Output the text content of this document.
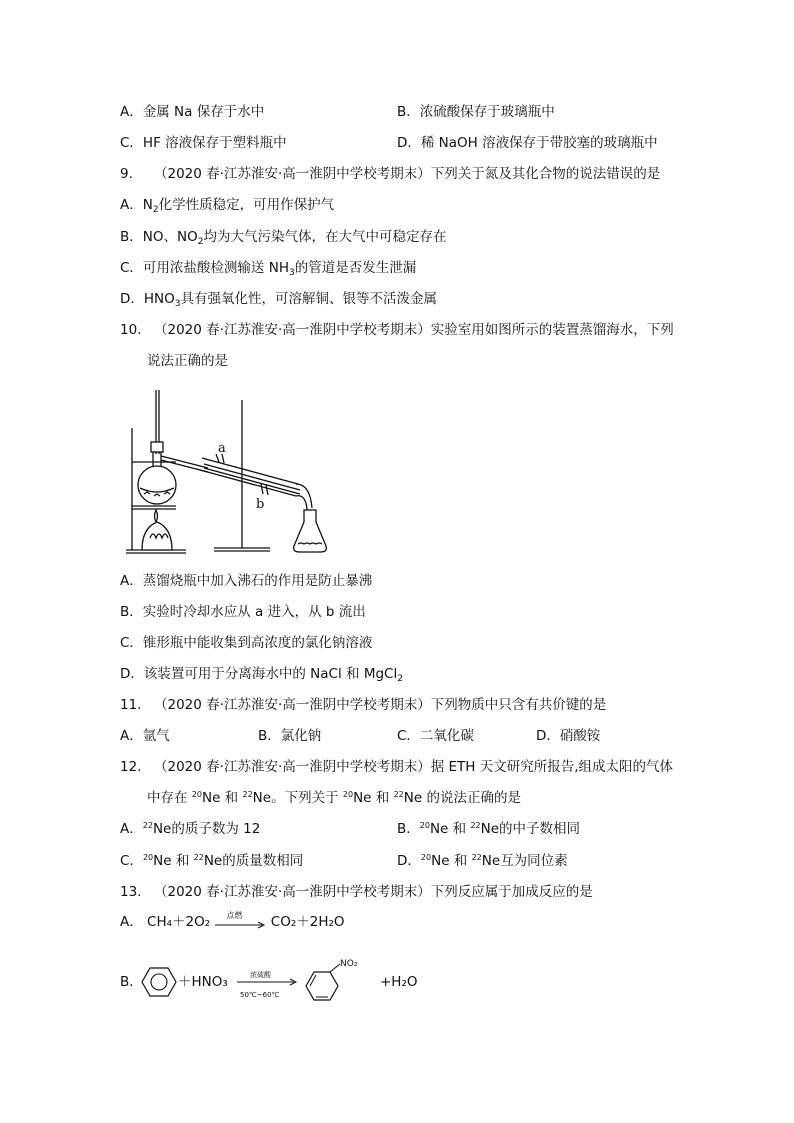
A．金属 Na 保存于水中	B．浓硫酸保存于玻璃瓶中
C．HF 溶液保存于塑料瓶中	D．稀 NaOH 溶液保存于带胶塞的玻璃瓶中
9. （2020 春·江苏淮安·高一淮阴中学校考期末）下列关于氮及其化合物的说法错误的是
A．$N_2$化学性质稳定，可用作保护气
B．NO、$NO_2$均为大气污染气体，在大气中可稳定存在
C．可用浓盐酸检测输送 $NH_3$的管道是否发生泄漏
D．$HNO_3$具有强氧化性，可溶解铜、银等不活泼金属
10. （2020 春·江苏淮安·高一淮阴中学校考期末）实验室用如图所示的装置蒸馏海水，下列
说法正确的是
a
b
A．蒸馏烧瓶中加入沸石的作用是防止暴沸
B．实验时冷却水应从 a 进入，从 b 流出
C．锥形瓶中能收集到高浓度的氯化钠溶液
D．该装置可用于分离海水中的 NaCl 和 MgCl$_2$
11. （2020 春·江苏淮安·高一淮阴中学校考期末）下列物质中只含有共价键的是
A．氩气	B．氯化钠	C．二氧化碳	D．硝酸铵
12. （2020 春·江苏淮安·高一淮阴中学校考期末）据 ETH 天文研究所报告,组成太阳的气体
中存在 $^{20}$Ne 和 $^{22}$Ne。下列关于 $^{20}$Ne 和 $^{22}$Ne 的说法正确的是
A．$^{22}$Ne的质子数为 12	B．$^{20}$Ne 和 $^{22}$Ne的中子数相同
C．$^{20}$Ne 和 $^{22}$Ne的质量数相同	D．$^{20}$Ne 和 $^{22}$Ne互为同位素
13. （2020 春·江苏淮安·高一淮阴中学校考期末）下列反应属于加成反应的是
A． CH₄＋2O₂ 点燃 CO₂＋2H₂O
B．	＋HNO₃	浓硫酸
50℃~60℃
NO₂
+H₂O
